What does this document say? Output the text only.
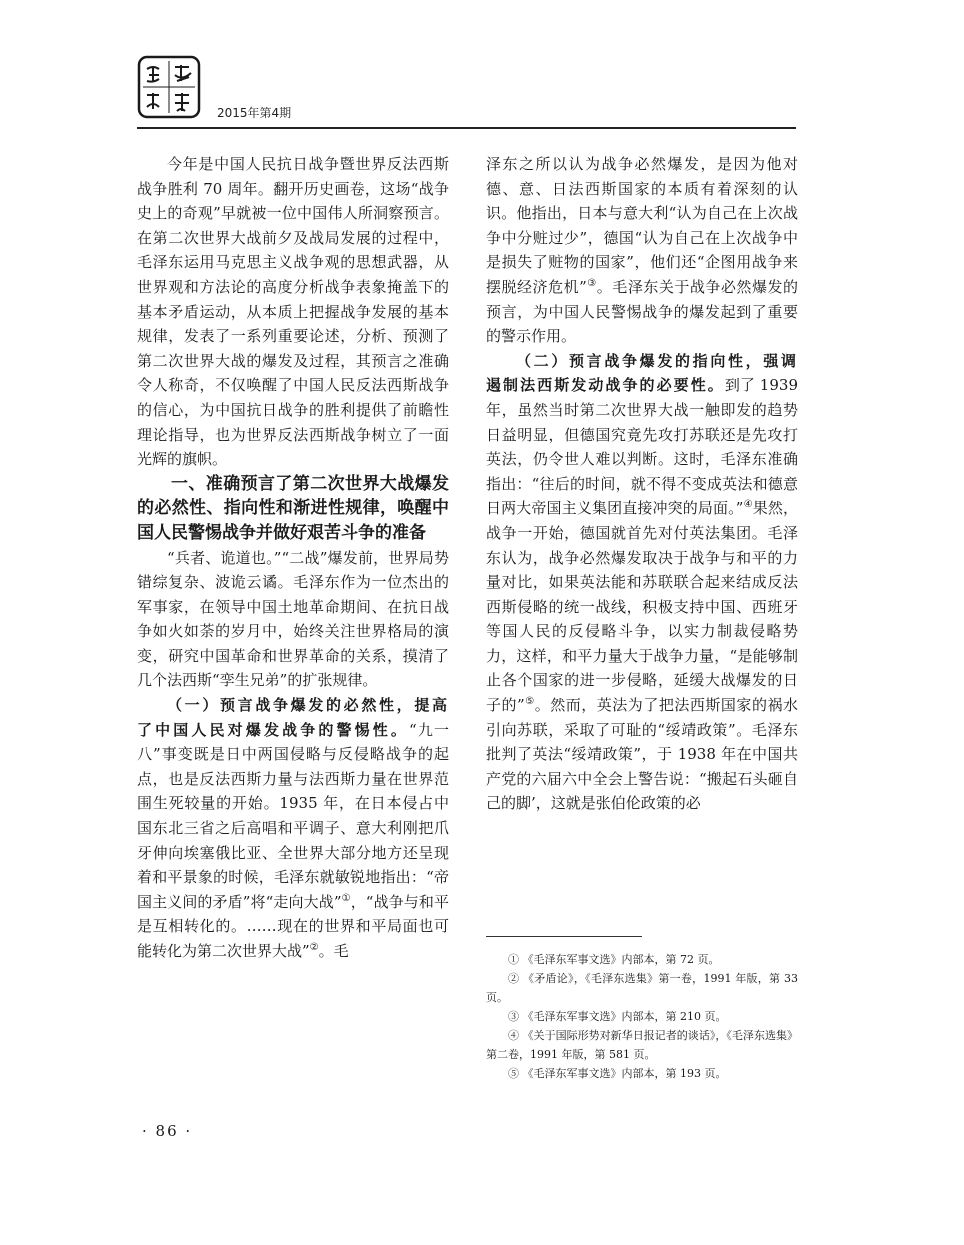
2015年第4期

今年是中国人民抗日战争暨世界反法西斯战争胜利 70 周年。翻开历史画卷，这场“战争史上的奇观”早就被一位中国伟人所洞察预言。在第二次世界大战前夕及战局发展的过程中，毛泽东运用马克思主义战争观的思想武器，从世界观和方法论的高度分析战争表象掩盖下的基本矛盾运动，从本质上把握战争发展的基本规律，发表了一系列重要论述，分析、预测了第二次世界大战的爆发及过程，其预言之准确令人称奇，不仅唤醒了中国人民反法西斯战争的信心，为中国抗日战争的胜利提供了前瞻性理论指导，也为世界反法西斯战争树立了一面光辉的旗帜。

一、准确预言了第二次世界大战爆发的必然性、指向性和渐进性规律，唤醒中国人民警惕战争并做好艰苦斗争的准备

“兵者、诡道也。”“二战”爆发前，世界局势错综复杂、波诡云谲。毛泽东作为一位杰出的军事家，在领导中国土地革命期间、在抗日战争如火如荼的岁月中，始终关注世界格局的演变，研究中国革命和世界革命的关系，摸清了几个法西斯“孪生兄弟”的扩张规律。

（一）预言战争爆发的必然性，提高了中国人民对爆发战争的警惕性。“九一八”事变既是日中两国侵略与反侵略战争的起点，也是反法西斯力量与法西斯力量在世界范围生死较量的开始。1935 年，在日本侵占中国东北三省之后高唱和平调子、意大利刚把爪牙伸向埃塞俄比亚、全世界大部分地方还呈现着和平景象的时候，毛泽东就敏锐地指出：“帝国主义间的矛盾”将“走向大战”①，“战争与和平是互相转化的。……现在的世界和平局面也可能转化为第二次世界大战”②。毛

泽东之所以认为战争必然爆发，是因为他对德、意、日法西斯国家的本质有着深刻的认识。他指出，日本与意大利“认为自己在上次战争中分赃过少”，德国“认为自己在上次战争中是损失了赃物的国家”，他们还“企图用战争来摆脱经济危机”③。毛泽东关于战争必然爆发的预言，为中国人民警惕战争的爆发起到了重要的警示作用。

（二）预言战争爆发的指向性，强调遏制法西斯发动战争的必要性。到了 1939 年，虽然当时第二次世界大战一触即发的趋势日益明显，但德国究竟先攻打苏联还是先攻打英法，仍令世人难以判断。这时，毛泽东准确指出：“往后的时间，就不得不变成英法和德意日两大帝国主义集团直接冲突的局面。”④果然，战争一开始，德国就首先对付英法集团。毛泽东认为，战争必然爆发取决于战争与和平的力量对比，如果英法能和苏联联合起来结成反法西斯侵略的统一战线，积极支持中国、西班牙等国人民的反侵略斗争，以实力制裁侵略势力，这样，和平力量大于战争力量，“是能够制止各个国家的进一步侵略，延缓大战爆发的日子的”⑤。然而，英法为了把法西斯国家的祸水引向苏联，采取了可耻的“绥靖政策”。毛泽东批判了英法“绥靖政策”，于 1938 年在中国共产党的六届六中全会上警告说：“搬起石头砸自己的脚’，这就是张伯伦政策的必

① 《毛泽东军事文选》内部本，第 72 页。

② 《矛盾论》，《毛泽东选集》第一卷，1991 年版，第 33 页。

③ 《毛泽东军事文选》内部本，第 210 页。

④ 《关于国际形势对新华日报记者的谈话》，《毛泽东选集》第二卷，1991 年版，第 581 页。

⑤ 《毛泽东军事文选》内部本，第 193 页。

· 86 ·
